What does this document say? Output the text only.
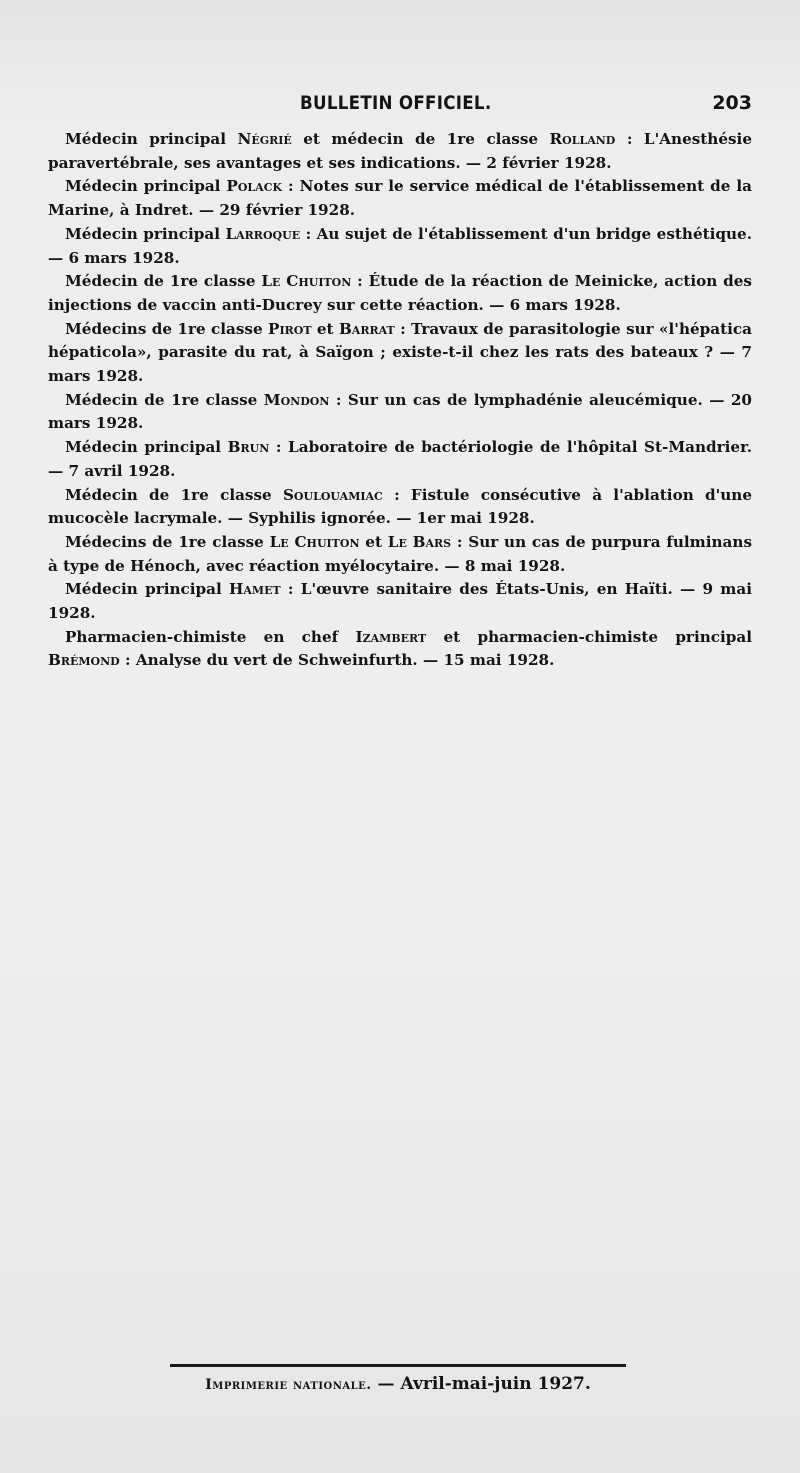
BULLETIN OFFICIEL.	203

Médecin principal Négrié et médecin de 1re classe Rolland : L'Anesthésie paravertébrale, ses avantages et ses indications. — 2 février 1928.

Médecin principal Polack : Notes sur le service médical de l'établissement de la Marine, à Indret. — 29 février 1928.

Médecin principal Larroque : Au sujet de l'établissement d'un bridge esthétique. — 6 mars 1928.

Médecin de 1re classe Le Chuiton : Étude de la réaction de Meinicke, action des injections de vaccin anti-Ducrey sur cette réaction. — 6 mars 1928.

Médecins de 1re classe Pirot et Barrat : Travaux de parasitologie sur «l'hépatica hépaticola», parasite du rat, à Saïgon ; existe-t-il chez les rats des bateaux ? — 7 mars 1928.

Médecin de 1re classe Mondon : Sur un cas de lymphadénie aleucémique. — 20 mars 1928.

Médecin principal Brun : Laboratoire de bactériologie de l'hôpital St-Mandrier. — 7 avril 1928.

Médecin de 1re classe Soulouamiac : Fistule consécutive à l'ablation d'une mucocèle lacrymale. — Syphilis ignorée. — 1er mai 1928.

Médecins de 1re classe Le Chuiton et Le Bars : Sur un cas de purpura fulminans à type de Hénoch, avec réaction myélocytaire. — 8 mai 1928.

Médecin principal Hamet : L'œuvre sanitaire des États-Unis, en Haïti. — 9 mai 1928.

Pharmacien-chimiste en chef Izambert et pharmacien-chimiste principal Brémond : Analyse du vert de Schweinfurth. — 15 mai 1928.

Imprimerie nationale. — Avril-mai-juin 1927.
